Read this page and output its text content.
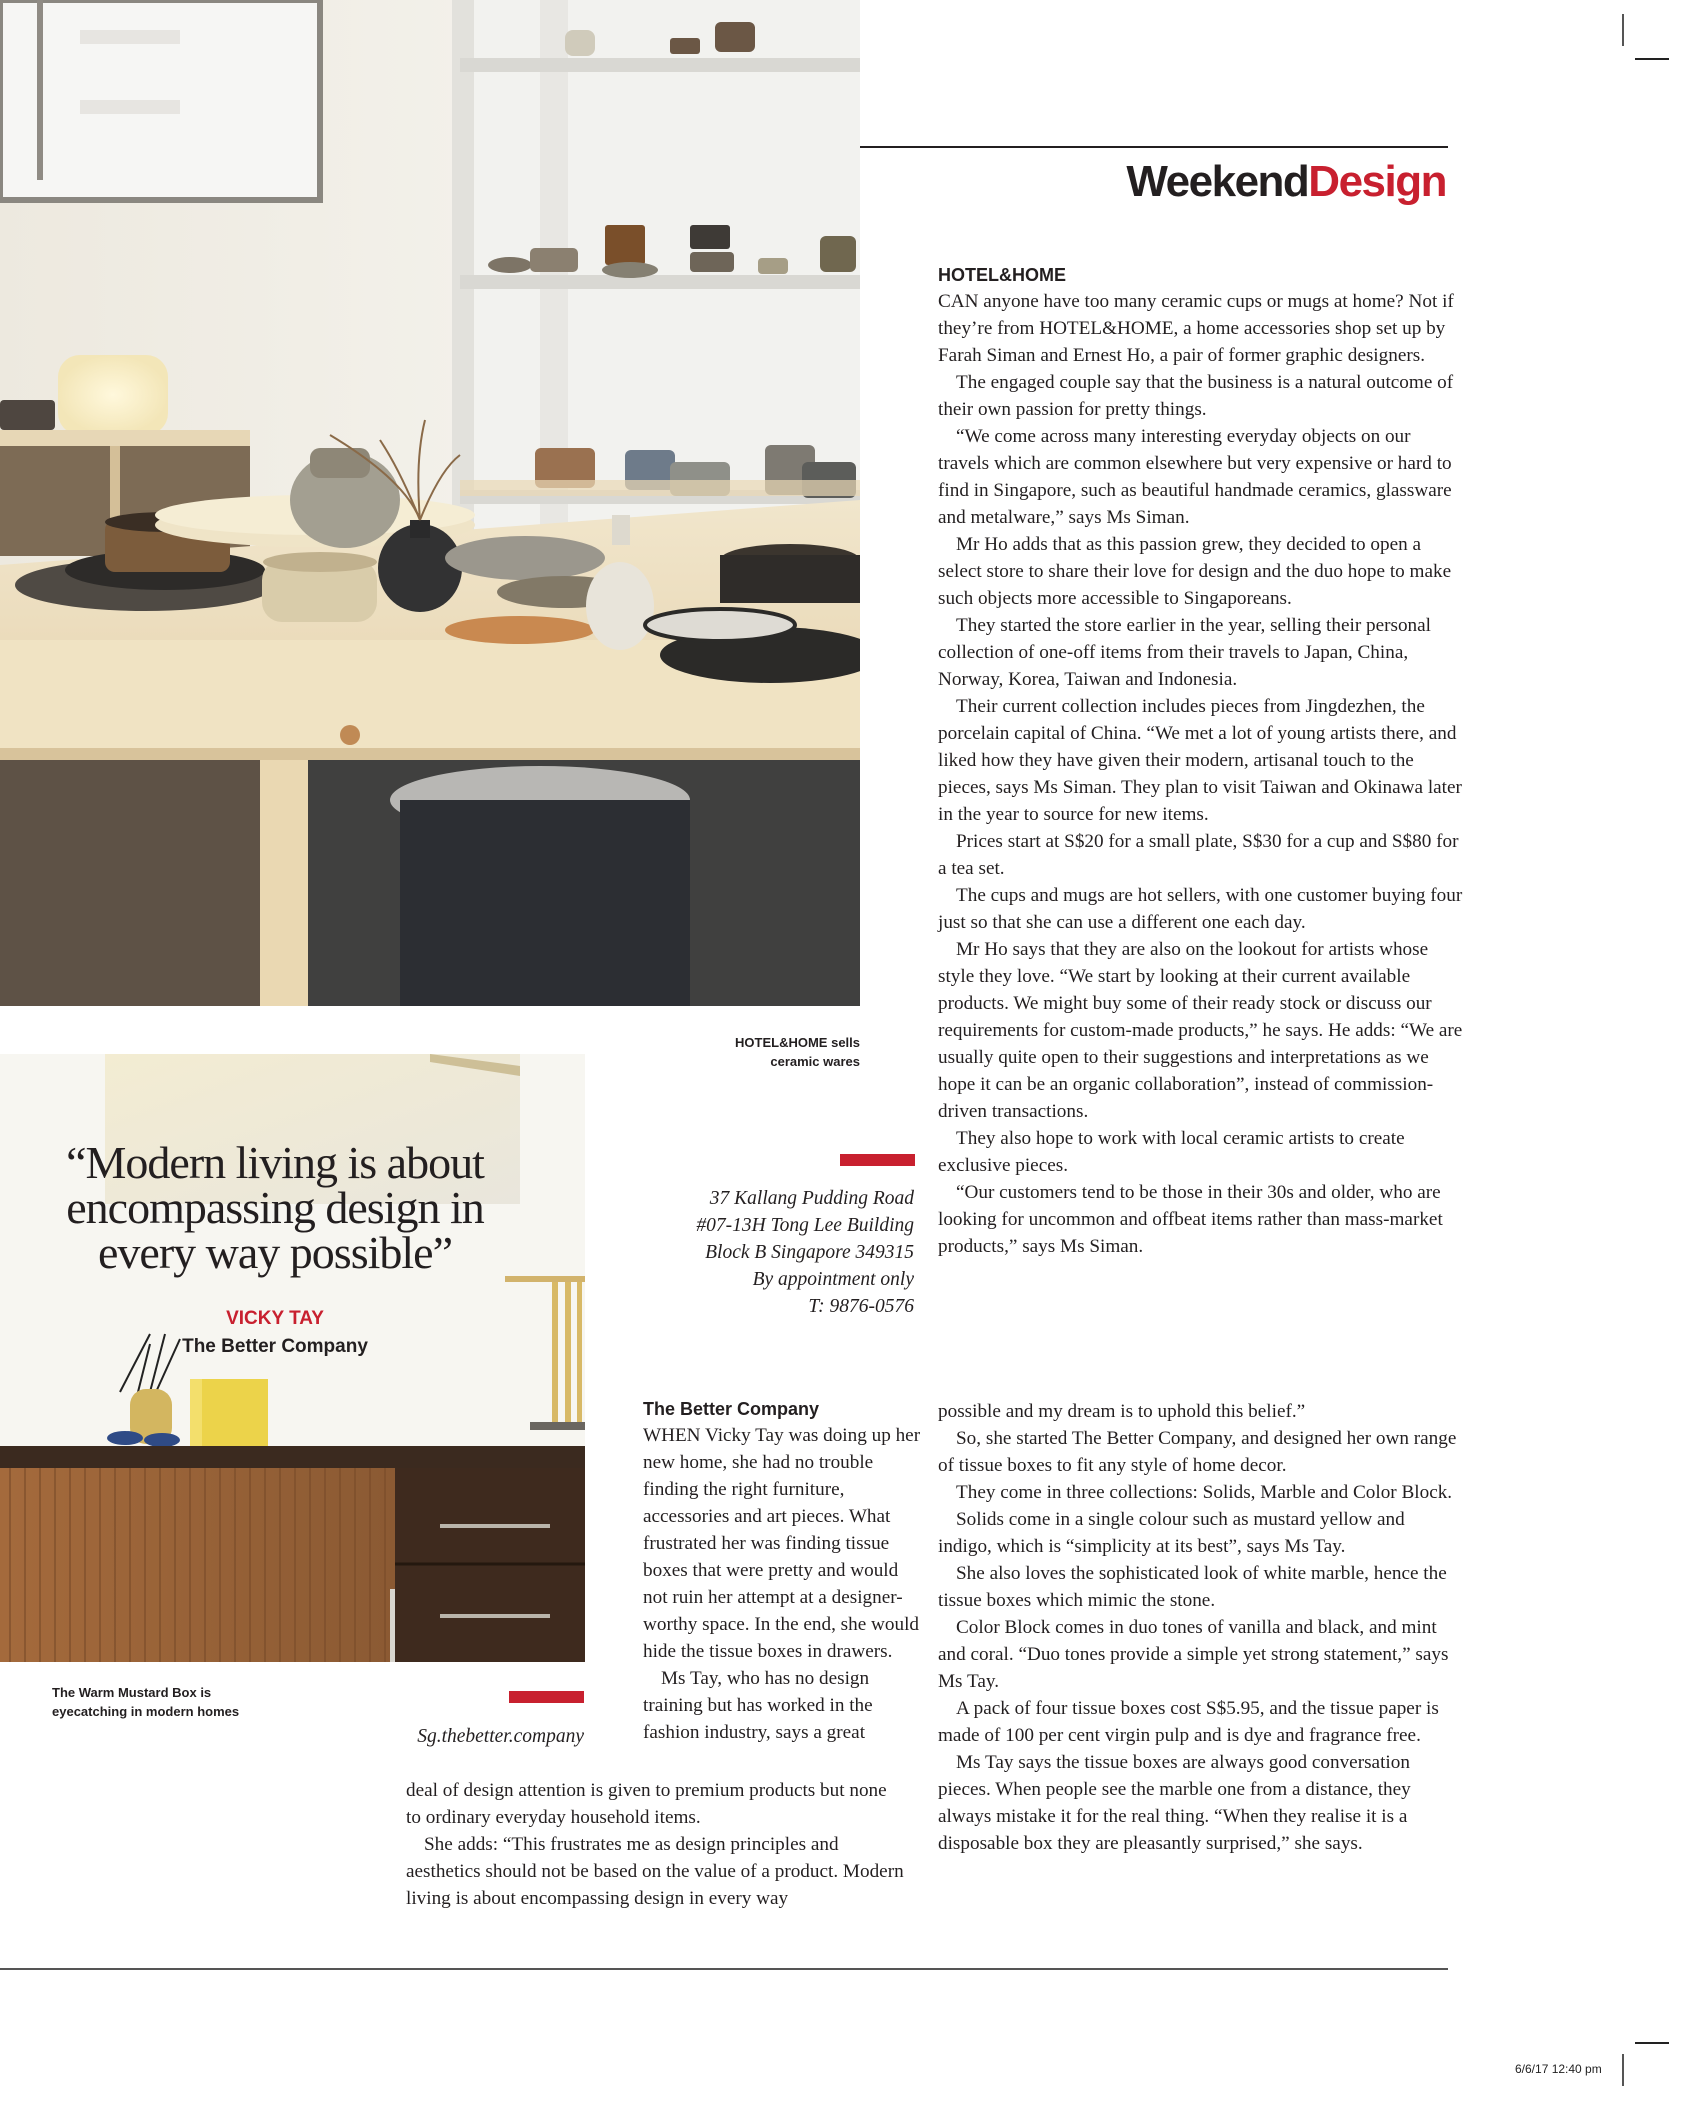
WeekendDesign
HOTEL&HOME

CAN anyone have too many ceramic cups or mugs at home? Not if they’re from HOTEL&HOME, a home accessories shop set up by Farah Siman and Ernest Ho, a pair of former graphic designers.

The engaged couple say that the business is a natural outcome of their own passion for pretty things.

“We come across many interesting everyday objects on our travels which are common elsewhere but very expensive or hard to find in Singapore, such as beautiful handmade ceramics, glassware and metalware,” says Ms Siman.

Mr Ho adds that as this passion grew, they decided to open a select store to share their love for design and the duo hope to make such objects more accessible to Singaporeans.

They started the store earlier in the year, selling their personal collection of one-off items from their travels to Japan, China, Norway, Korea, Taiwan and Indonesia.

Their current collection includes pieces from Jingdezhen, the porcelain capital of China. “We met a lot of young artists there, and liked how they have given their modern, artisanal touch to the pieces, says Ms Siman. They plan to visit Taiwan and Okinawa later in the year to source for new items.

Prices start at S$20 for a small plate, S$30 for a cup and S$80 for a tea set.

The cups and mugs are hot sellers, with one customer buying four just so that she can use a different one each day.

Mr Ho says that they are also on the lookout for artists whose style they love. “We start by looking at their current available products. We might buy some of their ready stock or discuss our requirements for custom-made products,” he says. He adds: “We are usually quite open to their suggestions and interpretations as we hope it can be an organic collaboration”, instead of commission-driven transactions.

They also hope to work with local ceramic artists to create exclusive pieces.

“Our customers tend to be those in their 30s and older, who are looking for uncommon and offbeat items rather than mass-market products,” says Ms Siman.

HOTEL&HOME sells
ceramic wares
37 Kallang Pudding Road
#07-13H Tong Lee Building
Block B Singapore 349315
By appointment only
T: 9876-0576
“Modern living is about
encompassing design in
every way possible”
VICKY TAY
The Better Company
The Warm Mustard Box is
eyecatching in modern homes
Sg.thebetter.company
The Better Company

WHEN Vicky Tay was doing up her new home, she had no trouble finding the right furniture, accessories and art pieces. What frustrated her was finding tissue boxes that were pretty and would not ruin her attempt at a designer-worthy space. In the end, she would hide the tissue boxes in drawers.

Ms Tay, who has no design training but has worked in the fashion industry, says a great

deal of design attention is given to premium products but none to ordinary everyday household items.

She adds: “This frustrates me as design principles and aesthetics should not be based on the value of a product. Modern living is about encompassing design in every way

possible and my dream is to uphold this belief.”

So, she started The Better Company, and designed her own range of tissue boxes to fit any style of home decor.

They come in three collections: Solids, Marble and Color Block.

Solids come in a single colour such as mustard yellow and indigo, which is “simplicity at its best”, says Ms Tay.

She also loves the sophisticated look of white marble, hence the tissue boxes which mimic the stone.

Color Block comes in duo tones of vanilla and black, and mint and coral. “Duo tones provide a simple yet strong statement,” says Ms Tay.

A pack of four tissue boxes cost S$5.95, and the tissue paper is made of 100 per cent virgin pulp and is dye and fragrance free.

Ms Tay says the tissue boxes are always good conversation pieces. When people see the marble one from a distance, they always mistake it for the real thing. “When they realise it is a disposable box they are pleasantly surprised,” she says.

6/6/17 12:40 pm
